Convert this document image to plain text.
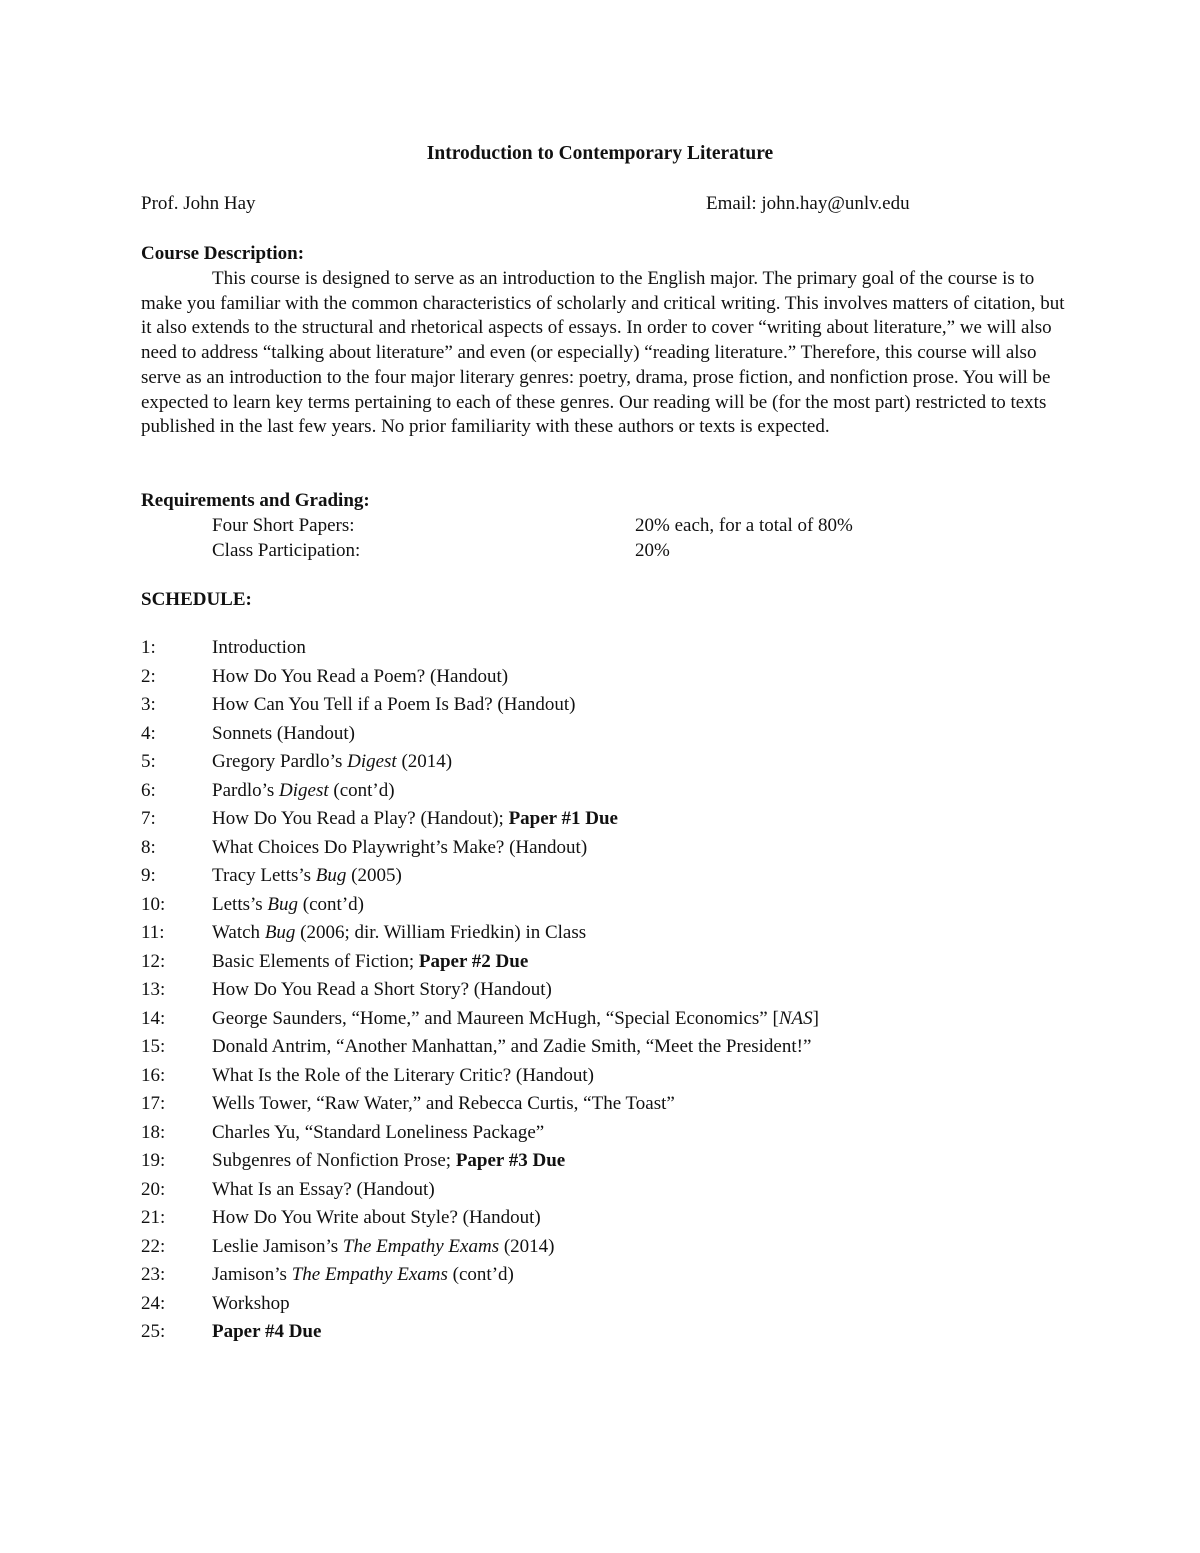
Introduction to Contemporary Literature
Prof. John Hay	Email: john.hay@unlv.edu
Course Description:

This course is designed to serve as an introduction to the English major. The primary goal of the course is to make you familiar with the common characteristics of scholarly and critical writing. This involves matters of citation, but it also extends to the structural and rhetorical aspects of essays. In order to cover “writing about literature,” we will also need to address “talking about literature” and even (or especially) “reading literature.” Therefore, this course will also serve as an introduction to the four major literary genres: poetry, drama, prose fiction, and nonfiction prose. You will be expected to learn key terms pertaining to each of these genres. Our reading will be (for the most part) restricted to texts published in the last few years. No prior familiarity with these authors or texts is expected.

Requirements and Grading:
Four Short Papers:	20% each, for a total of 80%
Class Participation:	20%
SCHEDULE:
1:	Introduction
2:	How Do You Read a Poem? (Handout)
3:	How Can You Tell if a Poem Is Bad? (Handout)
4:	Sonnets (Handout)
5:	Gregory Pardlo’s Digest (2014)
6:	Pardlo’s Digest (cont’d)
7:	How Do You Read a Play? (Handout); Paper #1 Due
8:	What Choices Do Playwright’s Make? (Handout)
9:	Tracy Letts’s Bug (2005)
10: Letts’s Bug (cont’d)
11: Watch Bug (2006; dir. William Friedkin) in Class
12: Basic Elements of Fiction; Paper #2 Due
13: How Do You Read a Short Story? (Handout)
14: George Saunders, “Home,” and Maureen McHugh, “Special Economics” [NAS]
15: Donald Antrim, “Another Manhattan,” and Zadie Smith, “Meet the President!”
16: What Is the Role of the Literary Critic? (Handout)
17: Wells Tower, “Raw Water,” and Rebecca Curtis, “The Toast”
18: Charles Yu, “Standard Loneliness Package”
19: Subgenres of Nonfiction Prose; Paper #3 Due
20: What Is an Essay? (Handout)
21: How Do You Write about Style? (Handout)
22: Leslie Jamison’s The Empathy Exams (2014)
23: Jamison’s The Empathy Exams (cont’d)
24: Workshop
25: Paper #4 Due
